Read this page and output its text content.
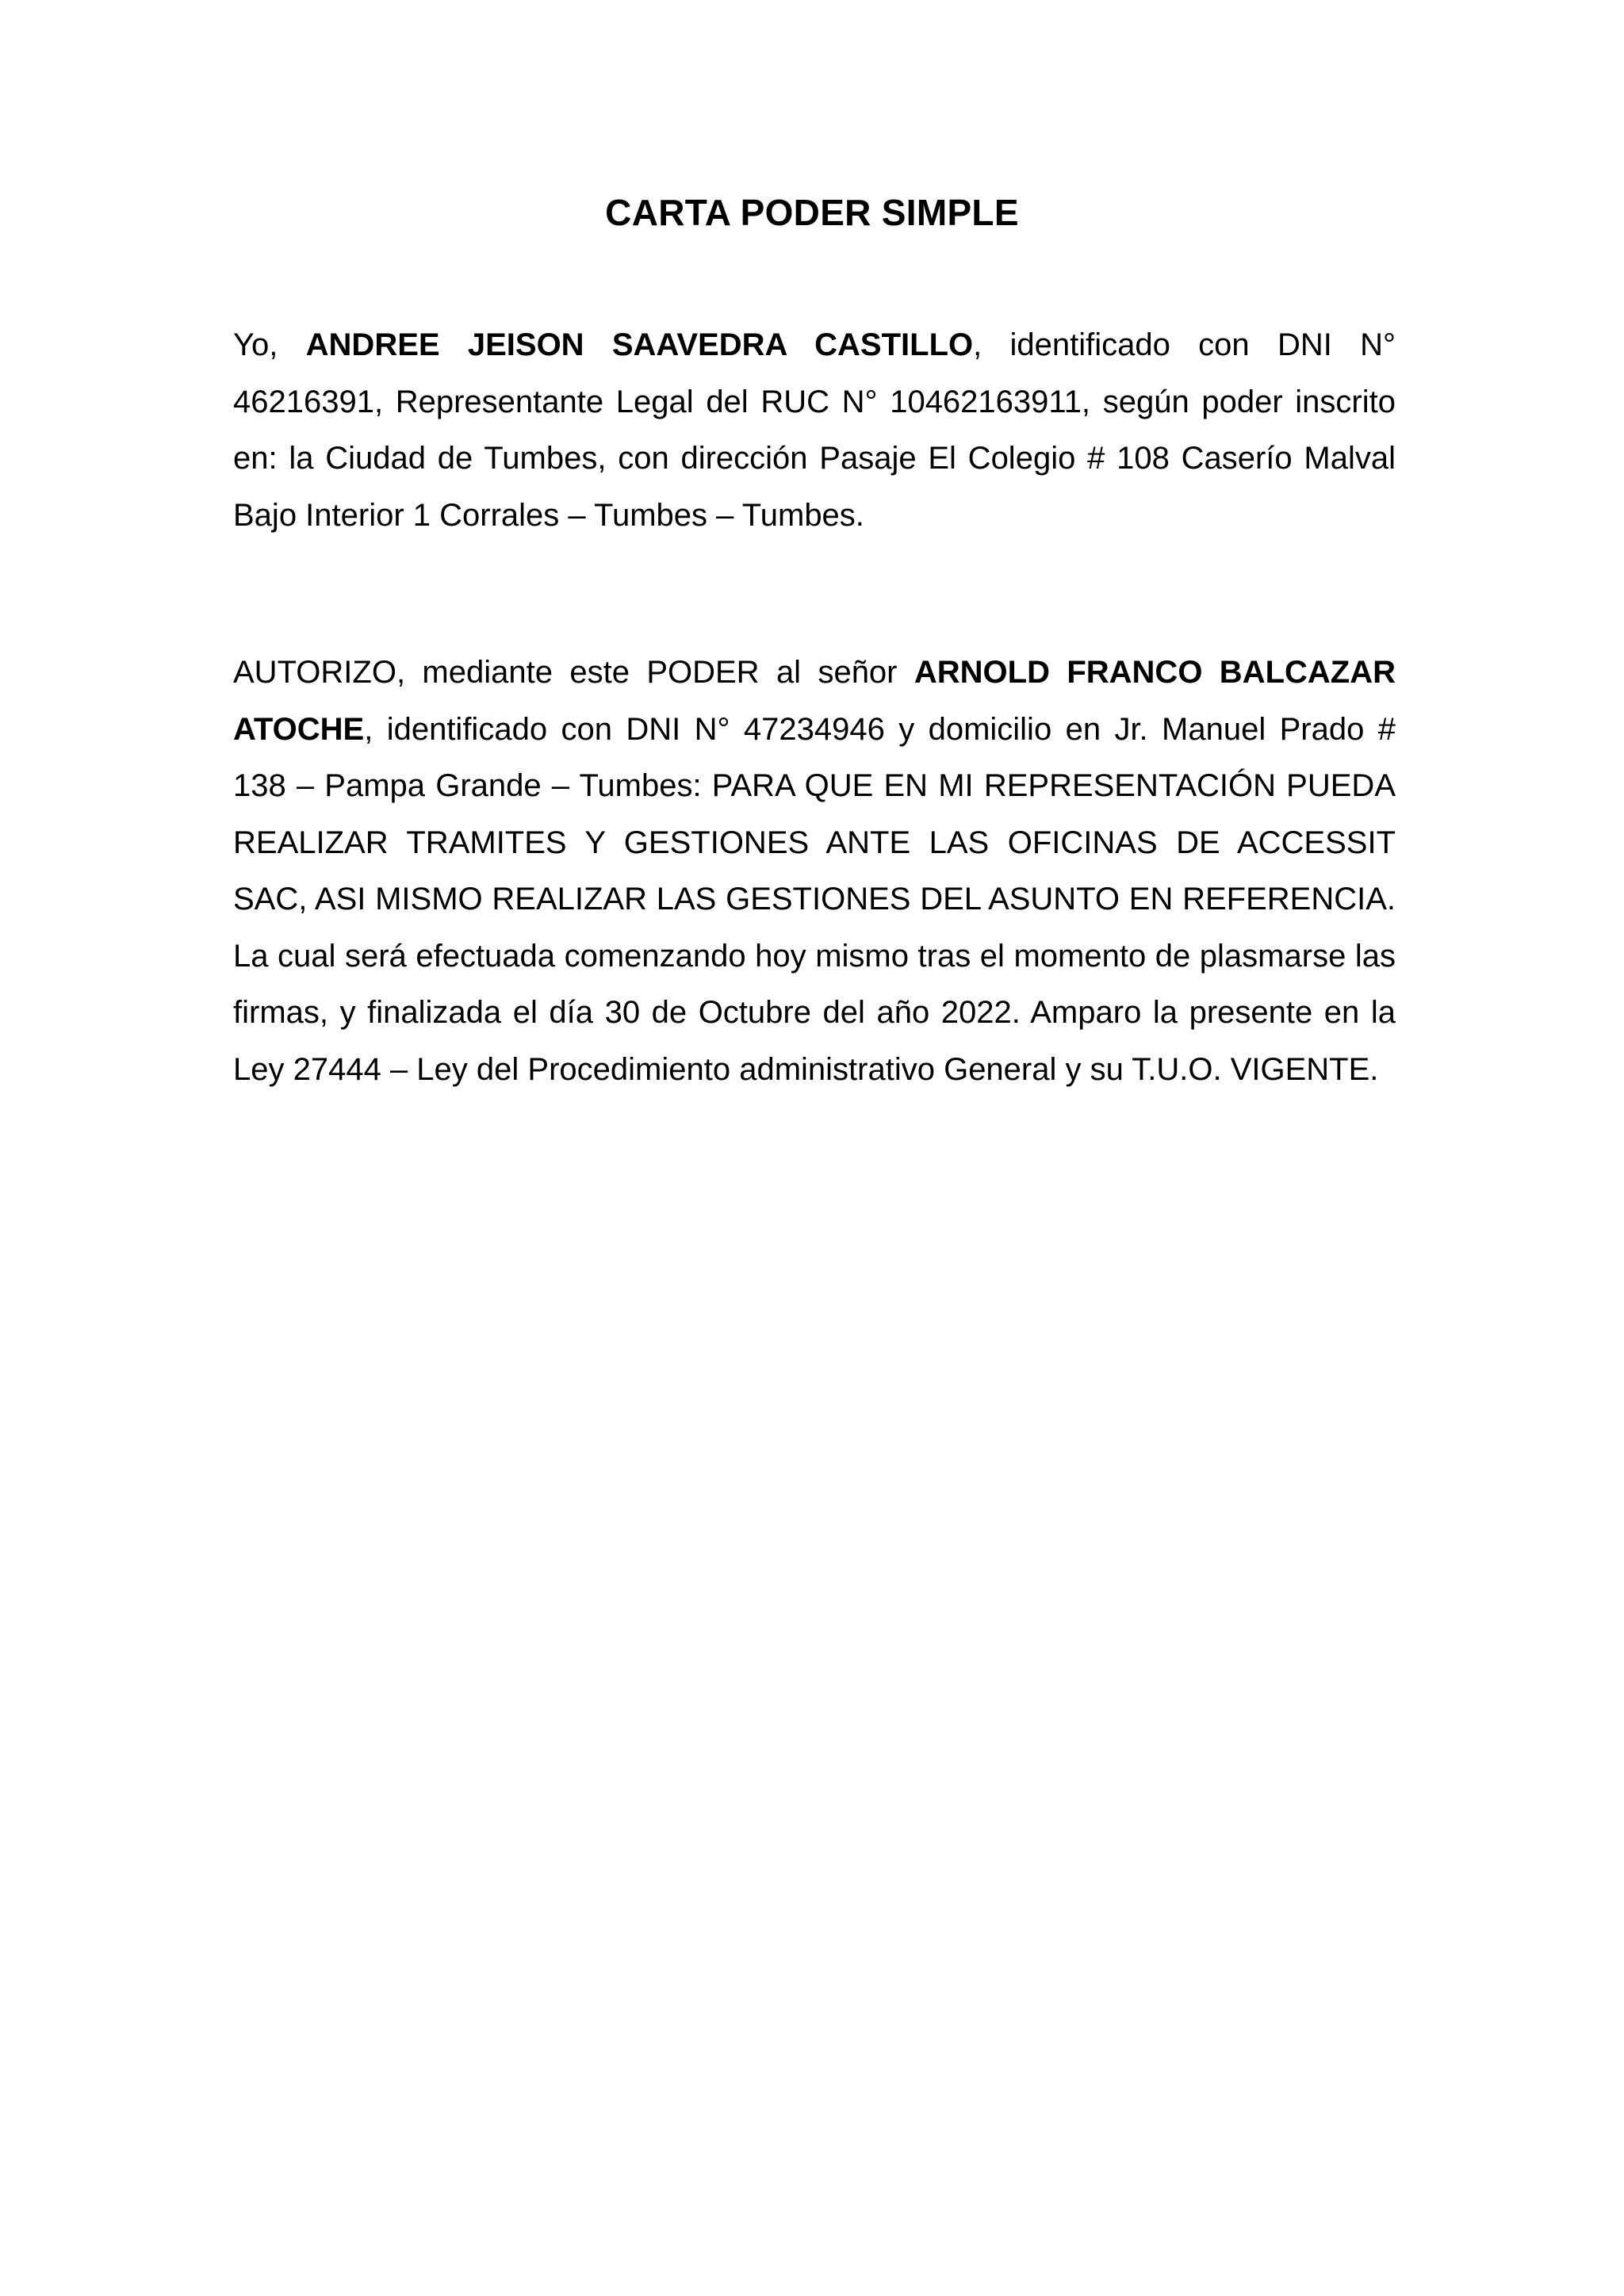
CARTA PODER SIMPLE

Yo, ANDREE JEISON SAAVEDRA CASTILLO, identificado con DNI N° 46216391, Representante Legal del RUC N° 10462163911, según poder inscrito en: la Ciudad de Tumbes, con dirección Pasaje El Colegio # 108 Caserío Malval Bajo Interior 1 Corrales – Tumbes – Tumbes.

AUTORIZO, mediante este PODER al señor ARNOLD FRANCO BALCAZAR ATOCHE, identificado con DNI N° 47234946 y domicilio en Jr. Manuel Prado # 138 – Pampa Grande – Tumbes: PARA QUE EN MI REPRESENTACIÓN PUEDA REALIZAR TRAMITES Y GESTIONES ANTE LAS OFICINAS DE ACCESSIT SAC, ASI MISMO REALIZAR LAS GESTIONES DEL ASUNTO EN REFERENCIA. La cual será efectuada comenzando hoy mismo tras el momento de plasmarse las firmas, y finalizada el día 30 de Octubre del año 2022. Amparo la presente en la Ley 27444 – Ley del Procedimiento administrativo General y su T.U.O. VIGENTE.
